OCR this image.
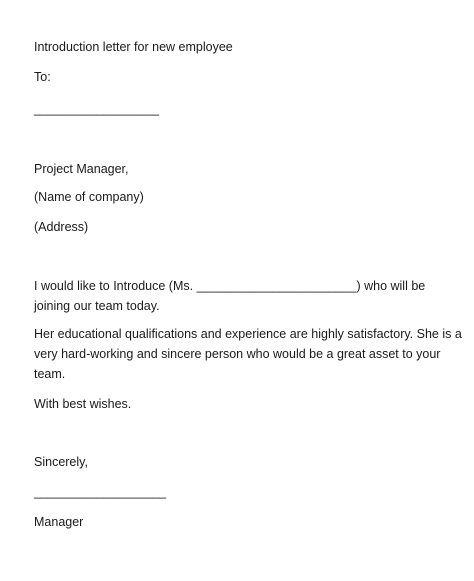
Introduction letter for new employee
To:
__________________
Project Manager,
(Name of company)
(Address)
I would like to Introduce (Ms. _______________________) who will be
joining our team today.
Her educational qualifications and experience are highly satisfactory. She is a
very hard-working and sincere person who would be a great asset to your
team.
With best wishes.
Sincerely,
___________________
Manager
